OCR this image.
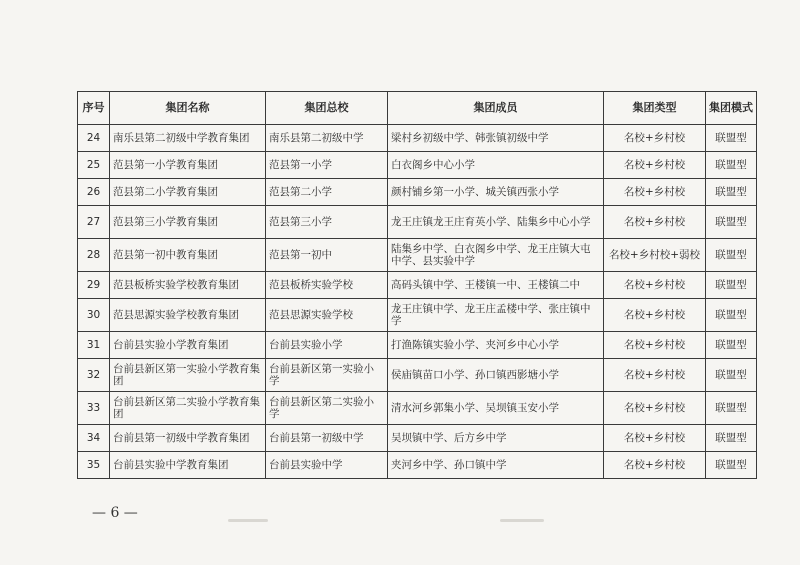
序号	集团名称	集团总校	集团成员	集团类型	集团模式
24	南乐县第二初级中学教育集团	南乐县第二初级中学	梁村乡初级中学、韩张镇初级中学	名校+乡村校	联盟型
25	范县第一小学教育集团	范县第一小学	白衣阁乡中心小学	名校+乡村校	联盟型
26	范县第二小学教育集团	范县第二小学	颜村铺乡第一小学、城关镇西张小学	名校+乡村校	联盟型
27	范县第三小学教育集团	范县第三小学	龙王庄镇龙王庄育英小学、陆集乡中心小学	名校+乡村校	联盟型
28	范县第一初中教育集团	范县第一初中	陆集乡中学、白衣阁乡中学、龙王庄镇大屯中学、县实验中学	名校+乡村校+弱校	联盟型
29	范县板桥实验学校教育集团	范县板桥实验学校	高码头镇中学、王楼镇一中、王楼镇二中	名校+乡村校	联盟型
30	范县思源实验学校教育集团	范县思源实验学校	龙王庄镇中学、龙王庄孟楼中学、张庄镇中学	名校+乡村校	联盟型
31	台前县实验小学教育集团	台前县实验小学	打渔陈镇实验小学、夹河乡中心小学	名校+乡村校	联盟型
32	台前县新区第一实验小学教育集团	台前县新区第一实验小学	侯庙镇苗口小学、孙口镇西影塘小学	名校+乡村校	联盟型
33	台前县新区第二实验小学教育集团	台前县新区第二实验小学	清水河乡郭集小学、吴坝镇玉安小学	名校+乡村校	联盟型
34	台前县第一初级中学教育集团	台前县第一初级中学	吴坝镇中学、后方乡中学	名校+乡村校	联盟型
35	台前县实验中学教育集团	台前县实验中学	夹河乡中学、孙口镇中学	名校+乡村校	联盟型
— 6 —
